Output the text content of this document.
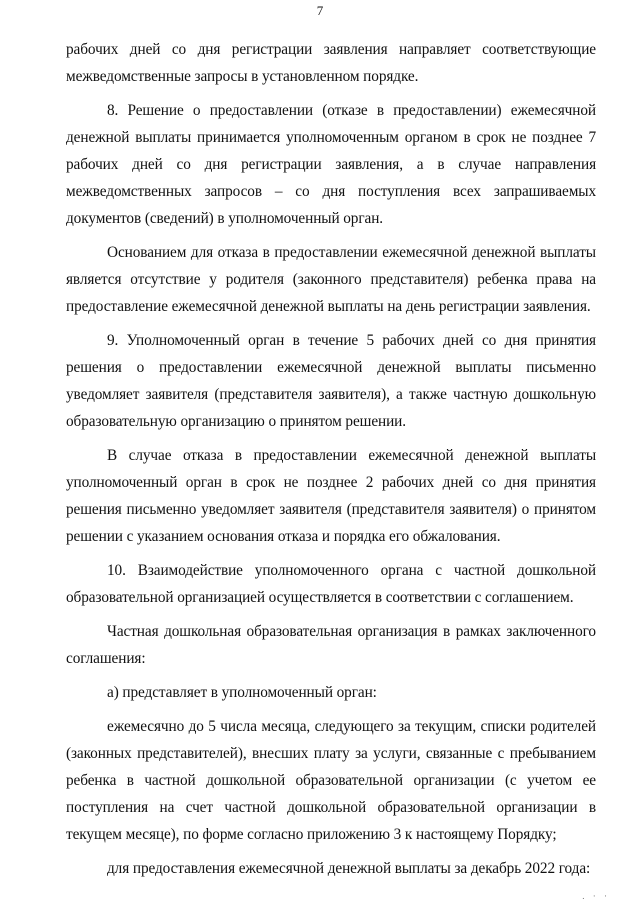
7

рабочих дней со дня регистрации заявления направляет соответствующие межведомственные запросы в установленном порядке.

8. Решение о предоставлении (отказе в предоставлении) ежемесячной денежной выплаты принимается уполномоченным органом в срок не позднее 7 рабочих дней со дня регистрации заявления, а в случае направления межведомственных запросов – со дня поступления всех запрашиваемых документов (сведений) в уполномоченный орган.

Основанием для отказа в предоставлении ежемесячной денежной выплаты является отсутствие у родителя (законного представителя) ребенка права на предоставление ежемесячной денежной выплаты на день регистрации заявления.

9. Уполномоченный орган в течение 5 рабочих дней со дня принятия решения о предоставлении ежемесячной денежной выплаты письменно уведомляет заявителя (представителя заявителя), а также частную дошкольную образовательную организацию о принятом решении.

В случае отказа в предоставлении ежемесячной денежной выплаты уполномоченный орган в срок не позднее 2 рабочих дней со дня принятия решения письменно уведомляет заявителя (представителя заявителя) о принятом решении с указанием основания отказа и порядка его обжалования.

10. Взаимодействие уполномоченного органа с частной дошкольной образовательной организацией осуществляется в соответствии с соглашением.

Частная дошкольная образовательная организация в рамках заключенного соглашения:

а) представляет в уполномоченный орган:

ежемесячно до 5 числа месяца, следующего за текущим, списки родителей (законных представителей), внесших плату за услуги, связанные с пребыванием ребенка в частной дошкольной образовательной организации (с учетом ее поступления на счет частной дошкольной образовательной организации в текущем месяце), по форме согласно приложению 3 к настоящему Порядку;

для предоставления ежемесячной денежной выплаты за декабрь 2022 года:

. · ·
